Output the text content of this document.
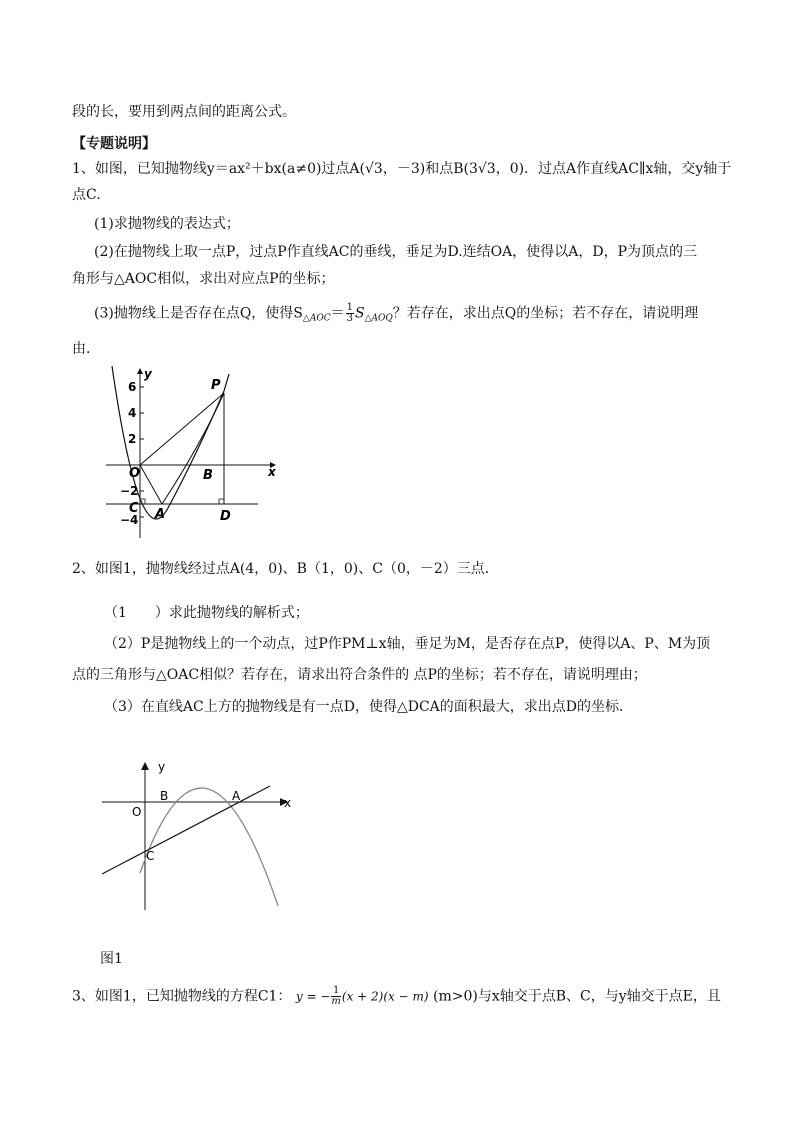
段的长，要用到两点间的距离公式。
【专题说明】
1、如图，已知抛物线y＝ax²＋bx(a≠0)过点A(√3，－3)和点B(3√3，0)．过点A作直线AC∥x轴，交y轴于
点C.
(1)求抛物线的表达式；
(2)在抛物线上取一点P，过点P作直线AC的垂线，垂足为D.连结OA，使得以A，D，P为顶点的三
角形与△AOC相似，求出对应点P的坐标；
(3)抛物线上是否存在点Q，使得$S_{\triangle AOC}= \frac{1}{3} S_{\triangle AOQ}$？若存在，求出点Q的坐标；若不存在，请说明理
由．
y
x
P
O	B
C A	D
6
4
2
−2
−4
2、如图1，抛物线经过点A(4，0)、B（1，0)、C（0，－2）三点．
（1　　）求此抛物线的解析式；
（2）P是抛物线上的一个动点，过P作PM⊥x轴，垂足为M，是否存在点P，使得以A、P、M为顶
点的三角形与△OAC相似？若存在，请求出符合条件的 点P的坐标；若不存在，请说明理由；
（3）在直线AC上方的抛物线是有一点D，使得△DCA的面积最大，求出点D的坐标．
y
x
B	A
O
C
图1
3、如图1，已知抛物线的方程C1： y = − $\frac{1}{m} (x + 2)(x - m)$ (m>0)与x轴交于点B、C，与y轴交于点E，且
